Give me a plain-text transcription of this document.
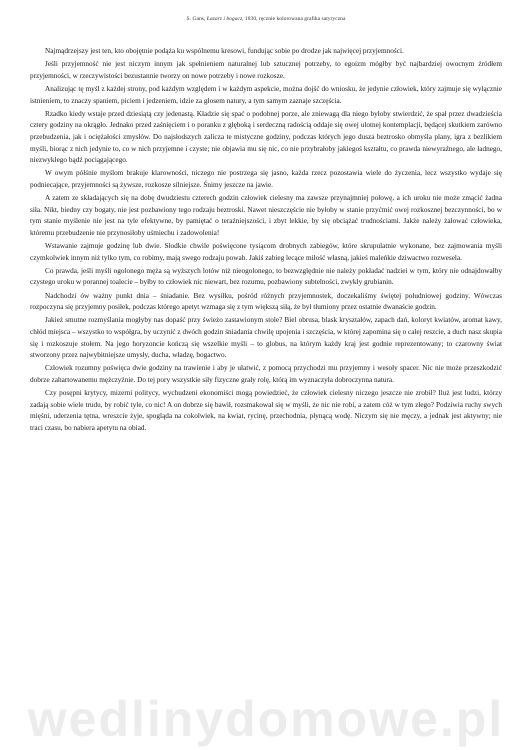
S. Gans, Łazarz i bogacz, 1830, ręcznie kolorowana grafika satyryczna

Najmądrzejszy jest ten, kto obojętnie podąża ku wspólnemu kresowi, fundując sobie po drodze jak najwięcej przyjemności.

Jeśli przyjemność nie jest niczym innym jak spełnieniem naturalnej lub sztucznej potrzeby, to egoizm mógłby być najbardziej owocnym źródłem przyjemności, w rzeczywistości bezustannie tworzy on nowe potrzeby i nowe rozkosze.

Analizując tę myśl z każdej strony, pod każdym względem i w każdym aspekcie, można dojść do wniosku, że jedynie człowiek, który zajmuje się wyłącznie istnieniem, to znaczy spaniem, piciem i jedzeniem, idzie za głosem natury, a tym samym zaznaje szczęścia.

Rzadko kiedy wstaje przed dziesiątą czy jedenastą. Kładzie się spać o podobnej porze, ale zniewagą dla niego byłoby stwierdzić, że spał przez dwadzieścia cztery godziny na okrągło. Jednako przed zaśnięciem i o poranku z głęboką i serdeczną radością oddaje się owej ulotnej kontemplacji, będącej skutkiem zarówno przebudzenia, jak i ociężałości zmysłów. Do najsłodszych zalicza te mistyczne godziny, podczas których jego dusza beztrosko obmyśla plany, igra z bezlikiem myśli, biorąc z nich jedynie to, co w nich przyjemne i czyste; nie objawia mu się nic, co nie przybrałoby jakiegoś kształtu, co prawda niewyraźnego, ale ładnego, niezwykłego bądź pociągającego.

W owym półśnie myślom brakuje klarowności, niczego nie postrzega się jasno, każda rzecz pozostawia wiele do życzenia, lecz wszystko wydaje się podniecające, przyjemności są żywsze, rozkosze silniejsze. Śnimy jeszcze na jawie.

A zatem ze składających się na dobę dwudziestu czterech godzin człowiek cielesny ma zawsze przynajmniej połowę, a ich uroku nie może zmącić żadna siła. Nikt, biedny czy bogaty, nie jest pozbawiony tego rodzaju beztroski. Nawet nieszczęście nie byłoby w stanie przyćmić owej rozkosznej bezczynności, bo w tym stanie myślenie nie jest na tyle efektywne, by pamiętać o teraźniejszości, i zbyt lekkie, by się obciążać trudnościami. Jakże należy żałować człowieka, któremu przebudzenie nie przynosiłoby uśmiechu i zadowolenia!

Wstawanie zajmuje godzinę lub dwie. Słodkie chwile poświęcone tysiącom drobnych zabiegów, które skrupulatnie wykonane, bez zajmowania myśli czymkolwiek innym niż tylko tym, co robimy, mają swego rodzaju powab. Jakiś zabieg lecące miłość własną, jakieś maleńkie dziwactwo rozwesela.

Co prawda, jeśli myśli ogolonego męża są wyższych lotów niż nieogolonego, to bezwzględnie nie należy pokładać nadziei w tym, który nie odnajdowałby czystego uroku w porannej toalecie – byłby to człowiek nic niewart, bez rozumu, pozbawiony subtelności, zwykły grubianin.

Nadchodzi ów ważny punkt dnia – śniadanie. Bez wysiłku, pośród różnych przyjemnostek, doczekaliśmy świętej południowej godziny. Wówczas rozpoczyna się przyjemny posiłek, podczas którego apetyt wzmaga się z tym większą siłą, że był tłumiony przez ostatnie dwanaście godzin.

Jakież smutne rozmyślania mogłyby nas dopaść przy świeżo zastawionym stole? Biel obrusa, blask kryształów, zapach dań, koloryt kwiatów, aromat kawy, chłód miejsca – wszystko to współgra, by uczynić z dwóch godzin śniadania chwilę upojenia i szczęścia, w której zapomina się o całej reszcie, a duch nasz skupia się i rozkoszuje stołem. Na jego horyzoncie kończą się wszelkie myśli – to globus, na którym każdy kraj jest godnie reprezentowany; to czarowny świat stworzony przez najwybitniejsze umysły, ducha, władzę, bogactwo.

Człowiek rozumny poświęca dwie godziny na trawienie i aby je ułatwić, z pomocą przychodzi mu przyjemny i wesoły spacer. Nic nie może przeszkodzić dobrze zahartowanemu mężczyźnie. Do tej pory wszystkie siły fizyczne grały rolę, którą im wyznaczyła dobroczynna natura.

Czy posępni krytycy, mizerni politycy, wychudzeni ekonomiści mogą powiedzieć, że człowiek cielesny niczego jeszcze nie zrobił? Iluż jest ludzi, którzy zadają sobie wiele trudu, by robić tyle, co nic! A on dobrze się bawił, rozsmakował się w myśli, że nic nie robi, a zatem cóż w tym złego? Podziwia ruchy swych mięśni, uderzenia tętna, wreszcie żyje, spogląda na cokolwiek, na kwiat, rycinę, przechodnia, płynącą wodę. Niczym się nie męczy, a jednak jest aktywny; nie traci czasu, bo nabiera apetytu na obiad.

wedlinydomowe.pl
